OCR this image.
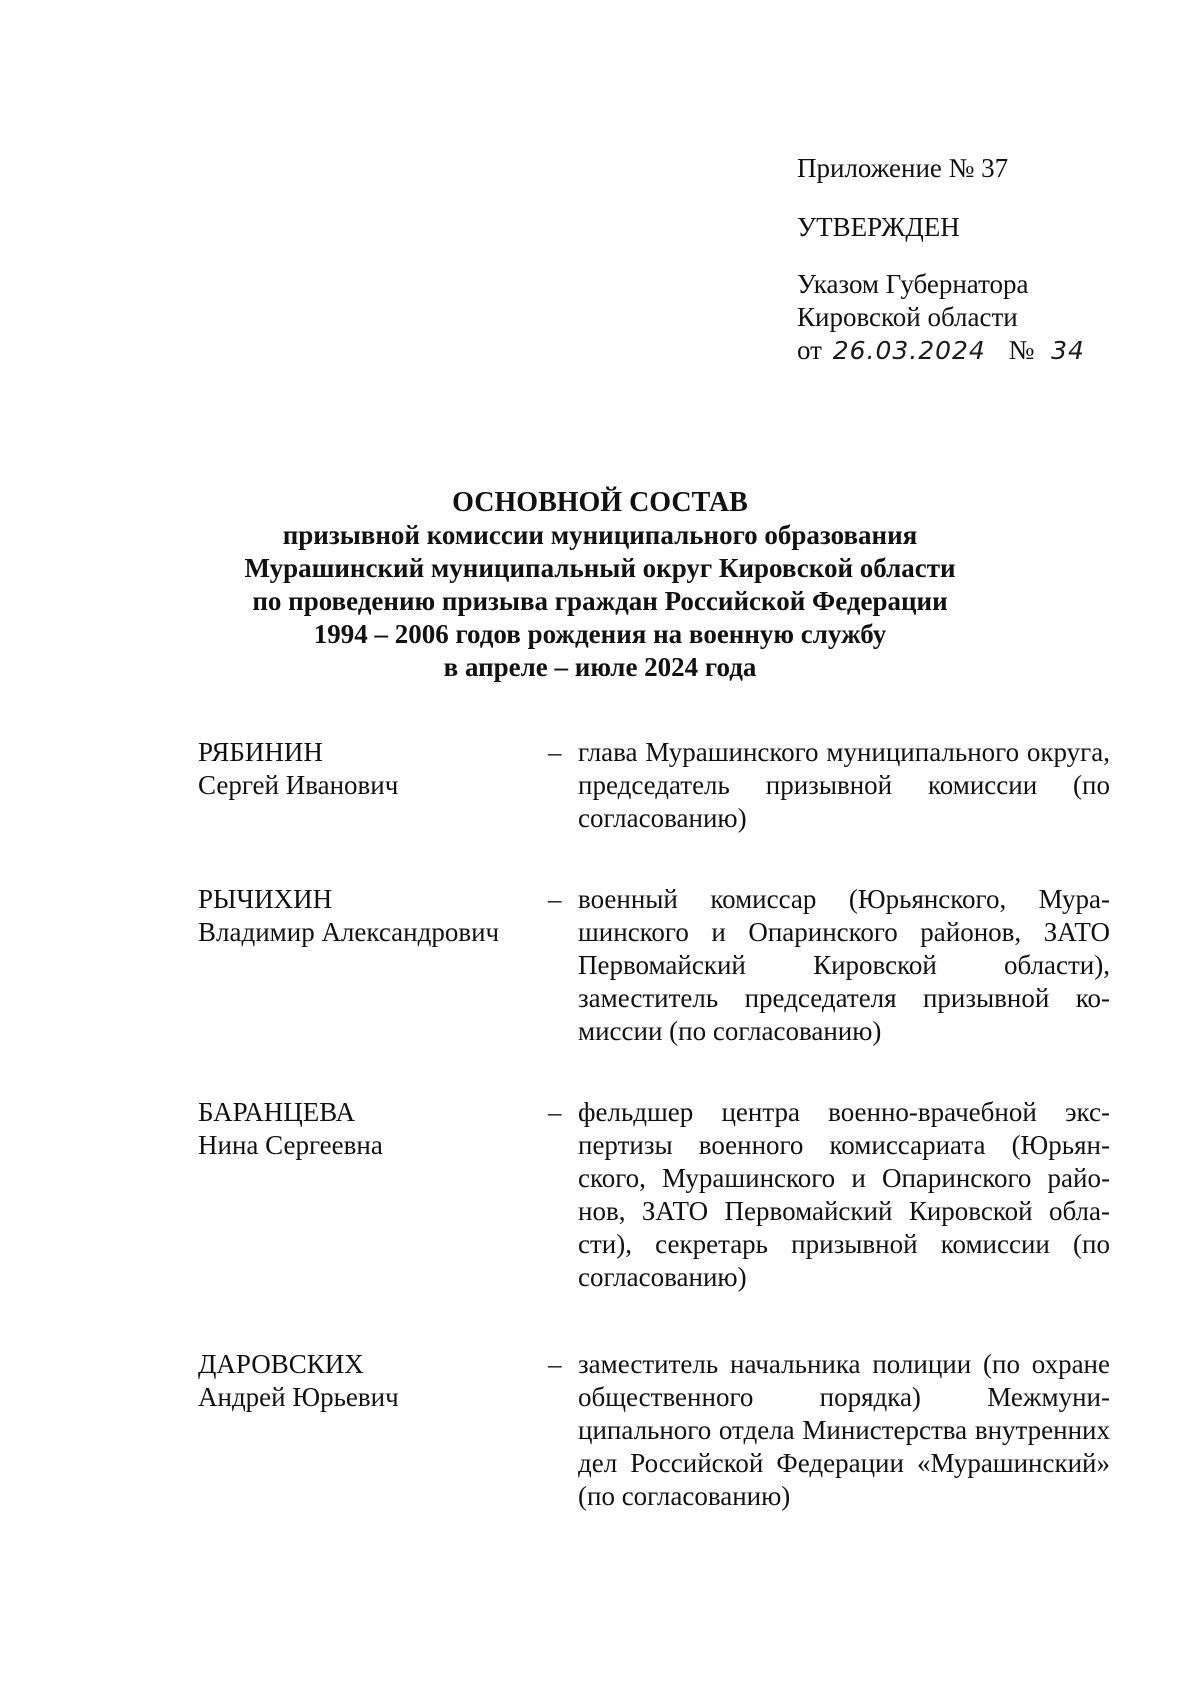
Приложение № 37
УТВЕРЖДЕН
Указом Губернатора
Кировской области
от 26.03.2024 № 34
ОСНОВНОЙ СОСТАВ
призывной комиссии муниципального образования
Мурашинский муниципальный округ Кировской области
по проведению призыва граждан Российской Федерации
1994 – 2006 годов рождения на военную службу
в апреле – июле 2024 года
РЯБИНИН
Сергей Иванович
– глава Мурашинского муниципального округа, председатель призывной комиссии (по согласованию)
РЫЧИХИН
Владимир Александрович
– военный комиссар (Юрьянского, Мурашинского и Опаринского районов, ЗАТО Первомайский Кировской области), заместитель председателя призывной комиссии (по согласованию)
БАРАНЦЕВА
Нина Сергеевна
– фельдшер центра военно-врачебной экспертизы военного комиссариата (Юрьянского, Мурашинского и Опаринского районов, ЗАТО Первомайский Кировской области), секретарь призывной комиссии (по согласованию)
ДАРОВСКИХ
Андрей Юрьевич
– заместитель начальника полиции (по охране общественного порядка) Межмуниципального отдела Министерства внутренних дел Российской Федерации «Мурашинский» (по согласованию)
